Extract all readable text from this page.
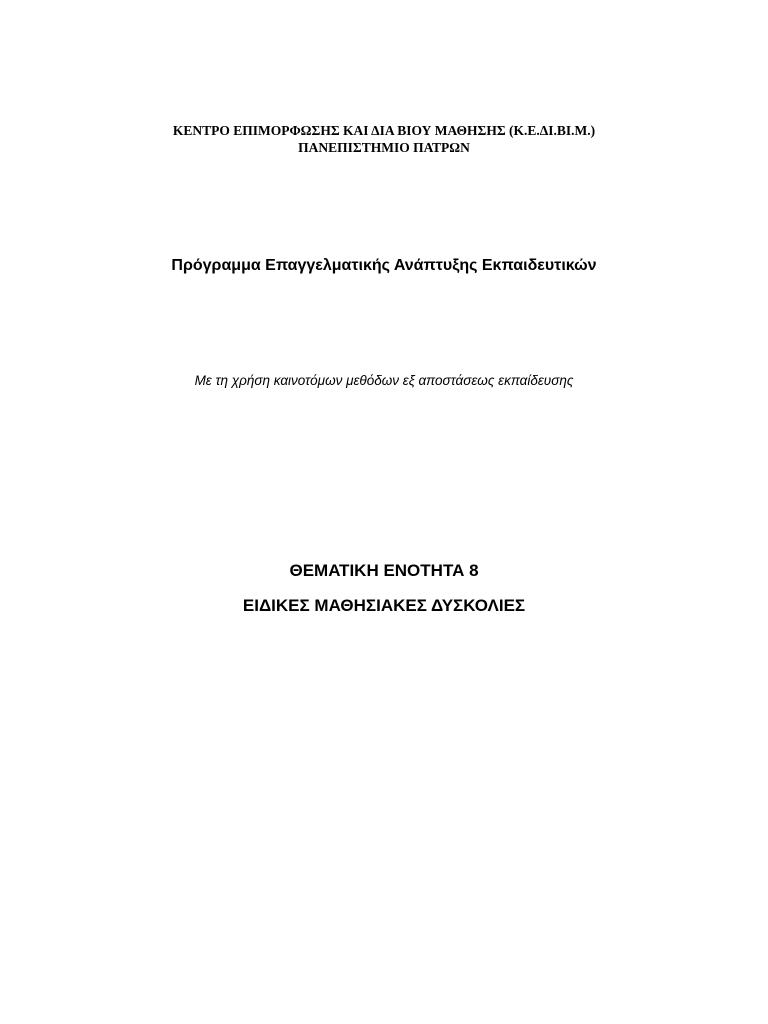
ΚΕΝΤΡΟ ΕΠΙΜΟΡΦΩΣΗΣ ΚΑΙ ΔΙΑ ΒΙΟΥ ΜΑΘΗΣΗΣ (Κ.Ε.ΔΙ.ΒΙ.Μ.)

ΠΑΝΕΠΙΣΤΗΜΙΟ ΠΑΤΡΩΝ

Πρόγραμμα Επαγγελματικής Ανάπτυξης Εκπαιδευτικών

Με τη χρήση καινοτόμων μεθόδων εξ αποστάσεως εκπαίδευσης

ΘΕΜΑΤΙΚΗ ΕΝΟΤΗΤΑ 8

ΕΙΔΙΚΕΣ ΜΑΘΗΣΙΑΚΕΣ ΔΥΣΚΟΛΙΕΣ
